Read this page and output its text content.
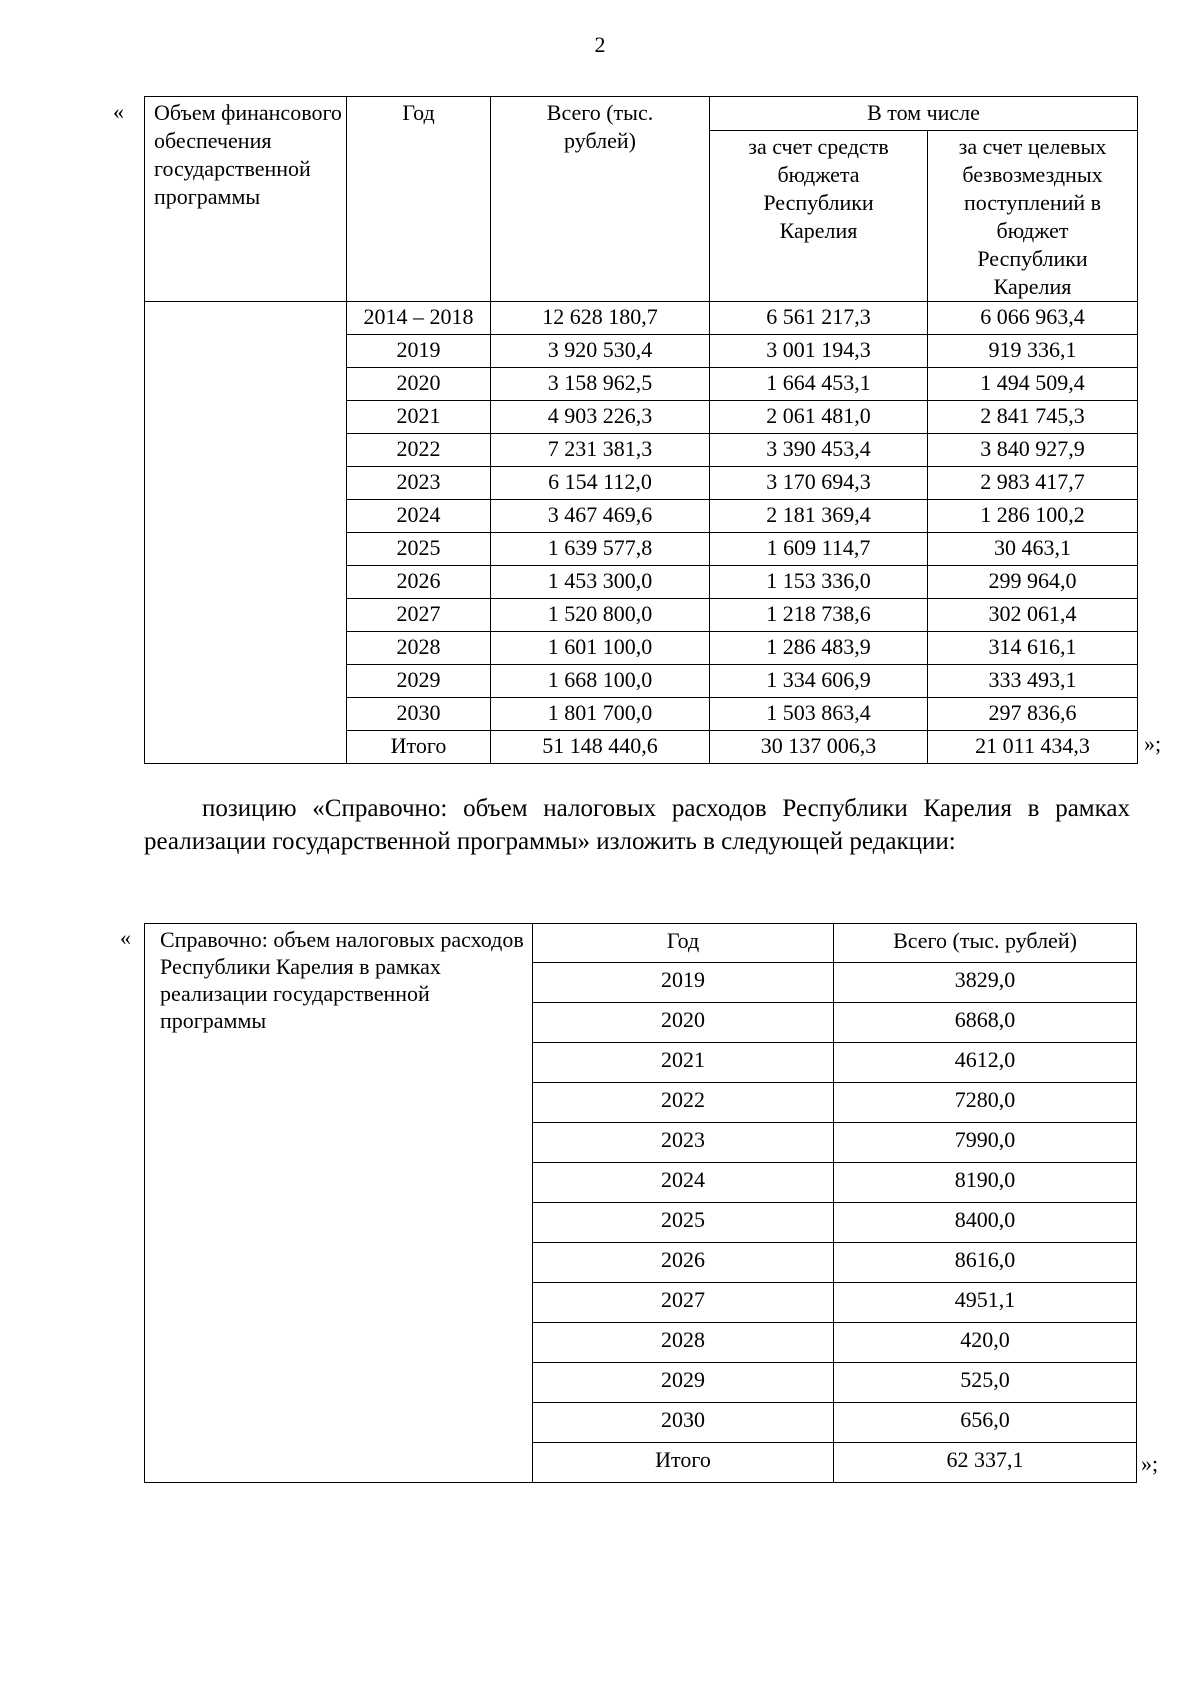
2
« Объем финансового обеспечения государственной программы	Год	Всего (тыс. рублей)	В том числе	
			за счет средств бюджета Республики Карелия	за счет целевых безвозмездных поступлений в бюджет Республики Карелия
	2014 – 2018	12 628 180,7	6 561 217,3	6 066 963,4
	2019	3 920 530,4	3 001 194,3	919 336,1
	2020	3 158 962,5	1 664 453,1	1 494 509,4
	2021	4 903 226,3	2 061 481,0	2 841 745,3
	2022	7 231 381,3	3 390 453,4	3 840 927,9
	2023	6 154 112,0	3 170 694,3	2 983 417,7
	2024	3 467 469,6	2 181 369,4	1 286 100,2
	2025	1 639 577,8	1 609 114,7	30 463,1
	2026	1 453 300,0	1 153 336,0	299 964,0
	2027	1 520 800,0	1 218 738,6	302 061,4
	2028	1 601 100,0	1 286 483,9	314 616,1
	2029	1 668 100,0	1 334 606,9	333 493,1
	2030	1 801 700,0	1 503 863,4	297 836,6
	Итого	51 148 440,6	30 137 006,3	21 011 434,3 »;

позицию «Справочно: объем налоговых расходов Республики Карелия в рамках реализации государственной программы» изложить в следующей редакции:

« Справочно: объем налоговых расходов Республики Карелия в рамках реализации государственной программы	Год	Всего (тыс. рублей)
	2019	3829,0
	2020	6868,0
	2021	4612,0
	2022	7280,0
	2023	7990,0
	2024	8190,0
	2025	8400,0
	2026	8616,0
	2027	4951,1
	2028	420,0
	2029	525,0
	2030	656,0
	Итого	62 337,1	»;
